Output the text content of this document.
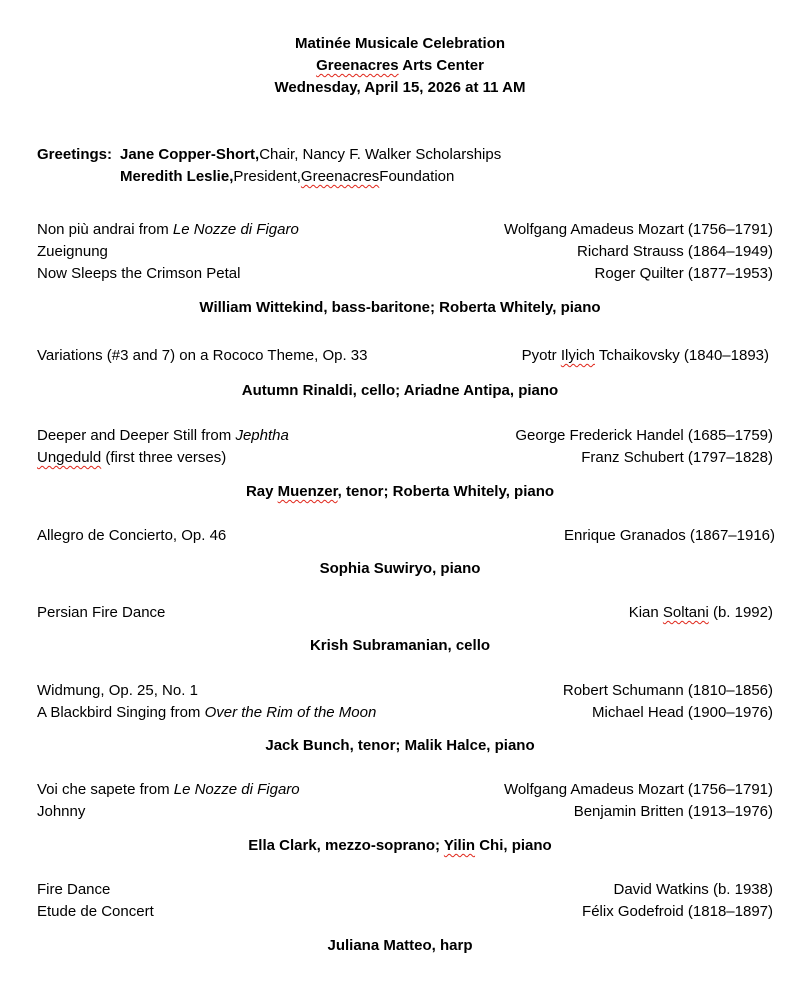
Matinée Musicale Celebration
Greenacres Arts Center
Wednesday, April 15, 2026 at 11 AM
Greetings: Jane Copper-Short, Chair, Nancy F. Walker Scholarships
Meredith Leslie, President, Greenacres Foundation
Non più andrai from Le Nozze di Figaro	Wolfgang Amadeus Mozart (1756–1791)
Zueignung	Richard Strauss (1864–1949)
Now Sleeps the Crimson Petal	Roger Quilter (1877–1953)
William Wittekind, bass-baritone; Roberta Whitely, piano
Variations (#3 and 7) on a Rococo Theme, Op. 33	Pyotr Ilyich Tchaikovsky (1840–1893)
Autumn Rinaldi, cello; Ariadne Antipa, piano
Deeper and Deeper Still from Jephtha	George Frederick Handel (1685–1759)
Ungeduld (first three verses)	Franz Schubert (1797–1828)
Ray Muenzer, tenor; Roberta Whitely, piano
Allegro de Concierto, Op. 46	Enrique Granados (1867–1916)
Sophia Suwiryo, piano
Persian Fire Dance	Kian Soltani (b. 1992)
Krish Subramanian, cello
Widmung, Op. 25, No. 1	Robert Schumann (1810–1856)
A Blackbird Singing from Over the Rim of the Moon	Michael Head (1900–1976)
Jack Bunch, tenor; Malik Halce, piano
Voi che sapete from Le Nozze di Figaro	Wolfgang Amadeus Mozart (1756–1791)
Johnny	Benjamin Britten (1913–1976)
Ella Clark, mezzo-soprano; Yilin Chi, piano
Fire Dance	David Watkins (b. 1938)
Etude de Concert	Félix Godefroid (1818–1897)
Juliana Matteo, harp
